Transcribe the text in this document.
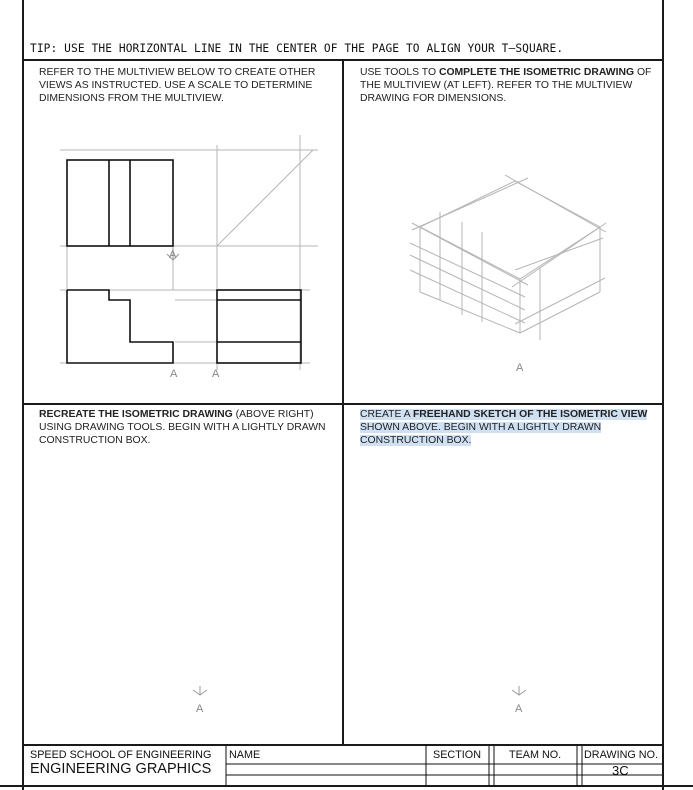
TIP: USE THE HORIZONTAL LINE IN THE CENTER OF THE PAGE TO ALIGN YOUR T—SQUARE.
REFER TO THE MULTIVIEW BELOW TO CREATE OTHER VIEWS AS INSTRUCTED. USE A SCALE TO DETERMINE DIMENSIONS FROM THE MULTIVIEW.
USE TOOLS TO COMPLETE THE ISOMETRIC DRAWING OF THE MULTIVIEW (AT LEFT). REFER TO THE MULTIVIEW DRAWING FOR DIMENSIONS.
RECREATE THE ISOMETRIC DRAWING (ABOVE RIGHT) USING DRAWING TOOLS. BEGIN WITH A LIGHTLY DRAWN CONSTRUCTION BOX.
CREATE A FREEHAND SKETCH OF THE ISOMETRIC VIEW SHOWN ABOVE. BEGIN WITH A LIGHTLY DRAWN CONSTRUCTION BOX.
A
A	A	A
A	A
SPEED SCHOOL OF ENGINEERING
ENGINEERING GRAPHICS
NAME	SECTION	TEAM NO. DRAWING NO.
3C
